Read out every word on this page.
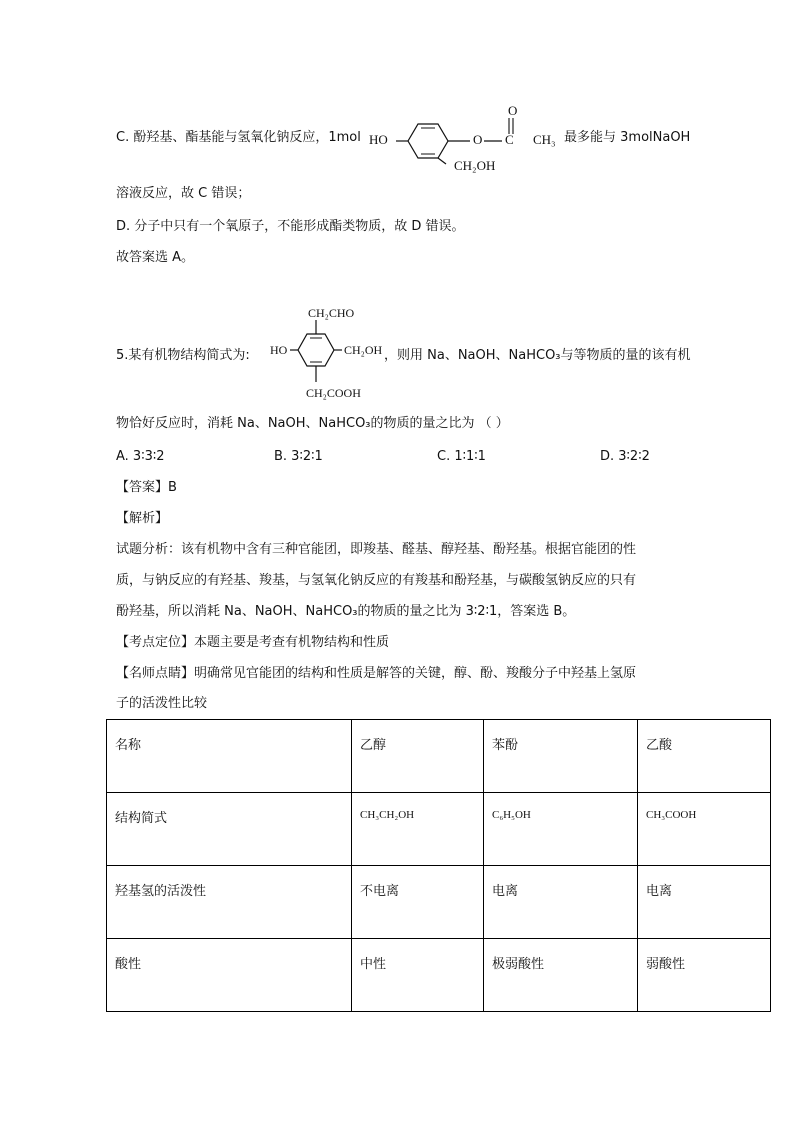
C. 酚羟基、酯基能与氢氧化钠反应，1mol HO	O
O
C CH₃
CH₂OH
最多能与 3molNaOH
溶液反应，故 C 错误；
D. 分子中只有一个氧原子，不能形成酯类物质，故 D 错误。
故答案选 A。
5.某有机物结构简式为:
CH₂CHO
HO	CH₂OH
CH₂COOH
，则用 Na、NaOH、NaHCO₃与等物质的量的该有机
物恰好反应时，消耗 Na、NaOH、NaHCO₃的物质的量之比为 （ ）
A. 3∶3∶2	B. 3∶2∶1	C. 1∶1∶1	D. 3∶2∶2
【答案】B
【解析】
试题分析：该有机物中含有三种官能团，即羧基、醛基、醇羟基、酚羟基。根据官能团的性
质，与钠反应的有羟基、羧基，与氢氧化钠反应的有羧基和酚羟基，与碳酸氢钠反应的只有
酚羟基，所以消耗 Na、NaOH、NaHCO₃的物质的量之比为 3∶2∶1，答案选 B。
【考点定位】本题主要是考查有机物结构和性质
【名师点睛】明确常见官能团的结构和性质是解答的关键，醇、酚、羧酸分子中羟基上氢原
子的活泼性比较
名称	乙醇	苯酚	乙酸
结构简式	CH₃CH₂OH	C₆H₅OH	CH₃COOH
羟基氢的活泼性	不电离	电离	电离
酸性	中性	极弱酸性	弱酸性
